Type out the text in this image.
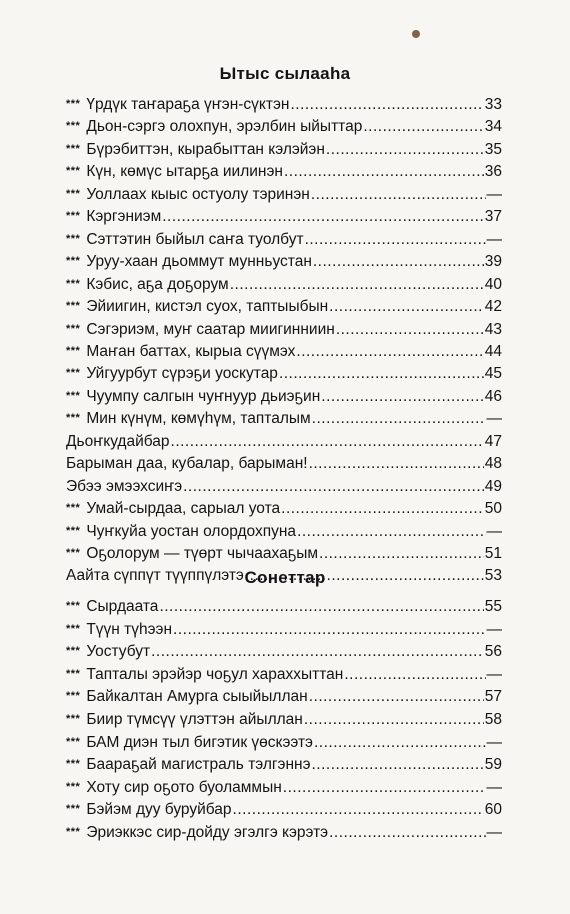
Ытыс сылааһа
*** Үрдүк таҥараҕа үҥэн-сүктэн .....	33
*** Дьон-сэргэ олохпун, эрэлбин ыйыттар .....	34
*** Бүрэбиттэн, кырабыттан кэлэйэн .....	35
*** Күн, көмүс ытарҕа иилинэн .....	36
*** Уоллаах кыыс остуолу тэринэн .....	—
*** Кэргэниэм .....	37
*** Сэттэтин быйыл саҥа туолбут .....	—
*** Уруу-хаан дьоммут мунньустан .....	39
*** Кэбис, аҕа доҕорум .....	40
*** Эйиигин, кистэл суох, таптыыбын .....	42
*** Сэгэриэм, муҥ саатар миигинниин .....	43
*** Маҥан баттах, кырыа сүүмэх .....	44
*** Уйгуурбут сүрэҕи уоскутар .....	45
*** Чуумпу салгын чуҥнуур дьиэҕин .....	46
*** Мин күнүм, көмүһүм, тапталым .....	—
Дьоҥкудайбар .....	47
Барыман даа, кубалар, барыман! .....	48
Эбээ эмээхсиҥэ .....	49
*** Умай-сырдаа, сарыал уота .....	50
*** Чуҥкуйа уостан олордохпуна .....	—
*** Оҕолорум — түөрт чычаахаҕым .....	51
Аайта сүппүт түүппүлэтэ .....	53
Сонеттар
*** Сырдаата .....	55
*** Түүн түһээн .....	—
*** Уостубут .....	56
*** Тапталы эрэйэр чоҕул хараххыттан .....	—
*** Байкалтан Амурга сыыйыллан .....	57
*** Биир түмсүү үлэттэн айыллан .....	58
*** БАМ диэн тыл бигэтик үөскээтэ .....	—
*** Баараҕай магистраль тэлгэннэ .....	59
*** Хоту сир оҕото буоламмын .....	—
*** Бэйэм дуу буруйбар .....	60
*** Эриэккэс сир-дойду эгэлгэ кэрэтэ .....	—
